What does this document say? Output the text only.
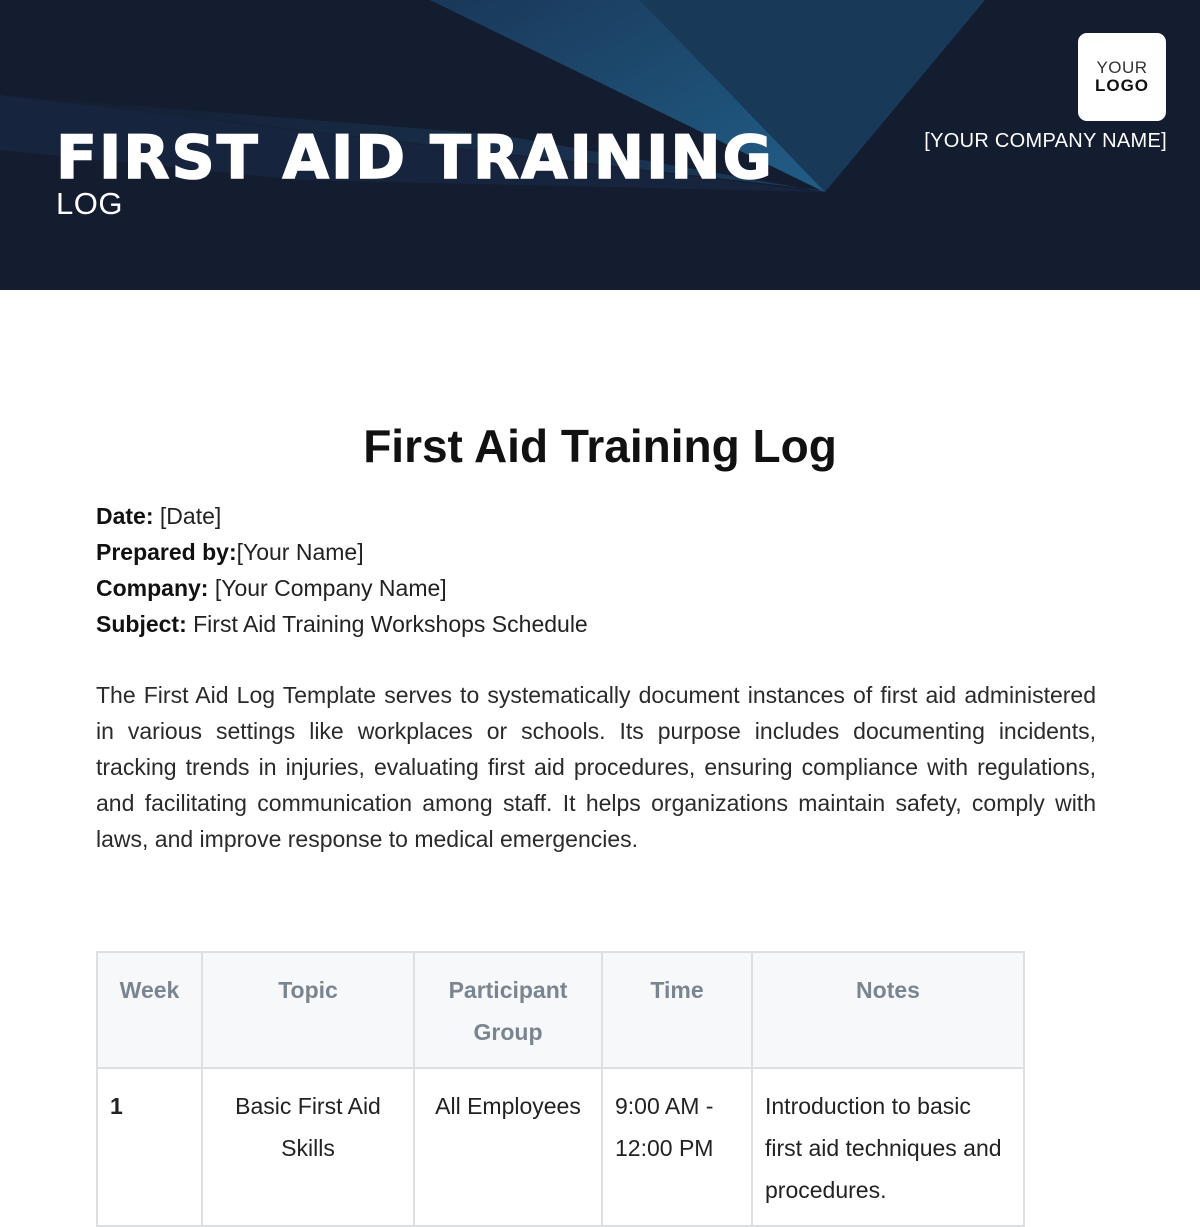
FIRST AID TRAINING
LOG
YOUR
LOGO
[YOUR COMPANY NAME]
First Aid Training Log
Date: [Date]
Prepared by:[Your Name]
Company: [Your Company Name]
Subject: First Aid Training Workshops Schedule

The First Aid Log Template serves to systematically document instances of first aid administered in various settings like workplaces or schools. Its purpose includes documenting incidents, tracking trends in injuries, evaluating first aid procedures, ensuring compliance with regulations, and facilitating communication among staff. It helps organizations maintain safety, comply with laws, and improve response to medical emergencies.

Week	Topic	Participant Group	Time	Notes
1	Basic First Aid Skills	All Employees	9:00 AM - 12:00 PM	Introduction to basic first aid techniques and procedures.
